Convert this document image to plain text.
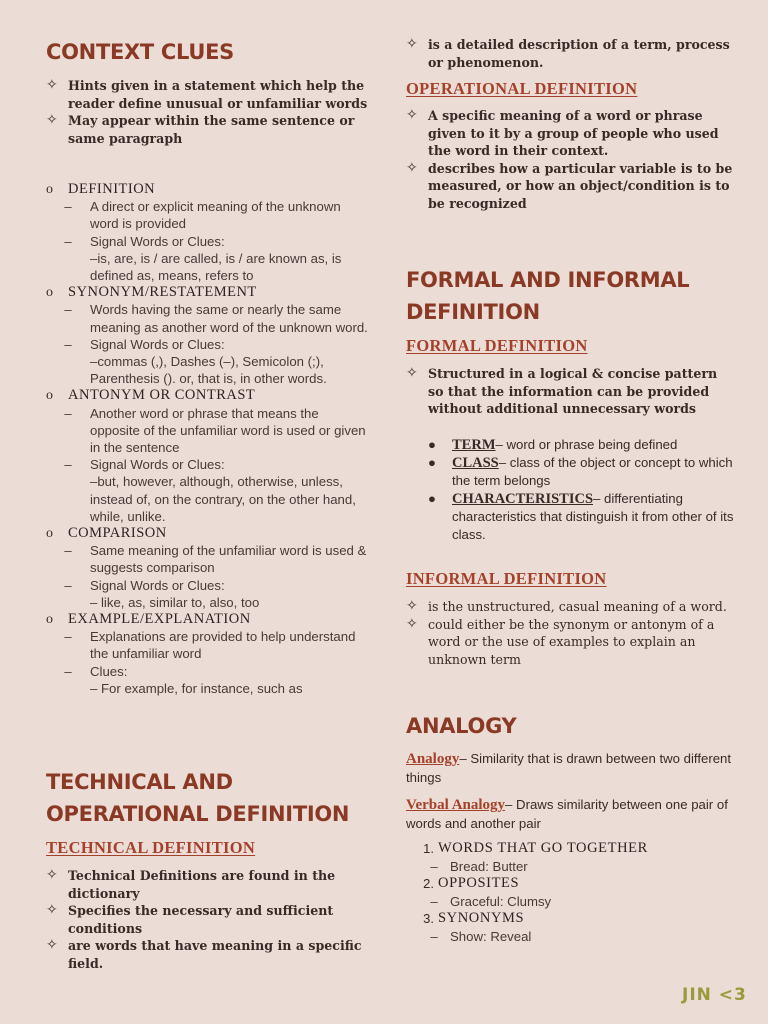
CONTEXT CLUES
✧ Hints given in a statement which help the reader define unusual or unfamiliar words
✧ May appear within the same sentence or same paragraph
o DEFINITION
–	A direct or explicit meaning of the unknown word is provided
–	Signal Words or Clues:
–is, are, is / are called, is / are known as, is defined as, means, refers to
o SYNONYM/RESTATEMENT
–	Words having the same or nearly the same meaning as another word of the unknown word.
–	Signal Words or Clues:
–commas (,), Dashes (–), Semicolon (;), Parenthesis (). or, that is, in other words.
o ANTONYM OR CONTRAST
–	Another word or phrase that means the opposite of the unfamiliar word is used or given in the sentence
–	Signal Words or Clues:
–but, however, although, otherwise, unless, instead of, on the contrary, on the other hand, while, unlike.
o COMPARISON
–	Same meaning of the unfamiliar word is used & suggests comparison
–	Signal Words or Clues:
– like, as, similar to, also, too
o EXAMPLE/EXPLANATION
–	Explanations are provided to help understand the unfamiliar word
–	Clues:
– For example, for instance, such as
TECHNICAL AND
OPERATIONAL DEFINITION
TECHNICAL DEFINITION
✧ Technical Definitions are found in the dictionary
✧ Specifies the necessary and sufficient conditions
✧ are words that have meaning in a specific field.
✧ is a detailed description of a term, process or phenomenon.
OPERATIONAL DEFINITION
✧ A specific meaning of a word or phrase given to it by a group of people who used the word in their context.
✧ describes how a particular variable is to be measured, or how an object/condition is to be recognized
FORMAL AND INFORMAL
DEFINITION
FORMAL DEFINITION
✧ Structured in a logical & concise pattern so that the information can be provided without additional unnecessary words
● TERM– word or phrase being defined
● CLASS– class of the object or concept to which the term belongs
● CHARACTERISTICS– differentiating characteristics that distinguish it from other of its class.
INFORMAL DEFINITION
✧ is the unstructured, casual meaning of a word.
✧ could either be the synonym or antonym of a word or the use of examples to explain an unknown term
ANALOGY

Analogy– Similarity that is drawn between two different things

Verbal Analogy– Draws similarity between one pair of words and another pair

1. WORDS THAT GO TOGETHER
– Bread: Butter
2. OPPOSITES
– Graceful: Clumsy
3. SYNONYMS
– Show: Reveal
JIN <3
